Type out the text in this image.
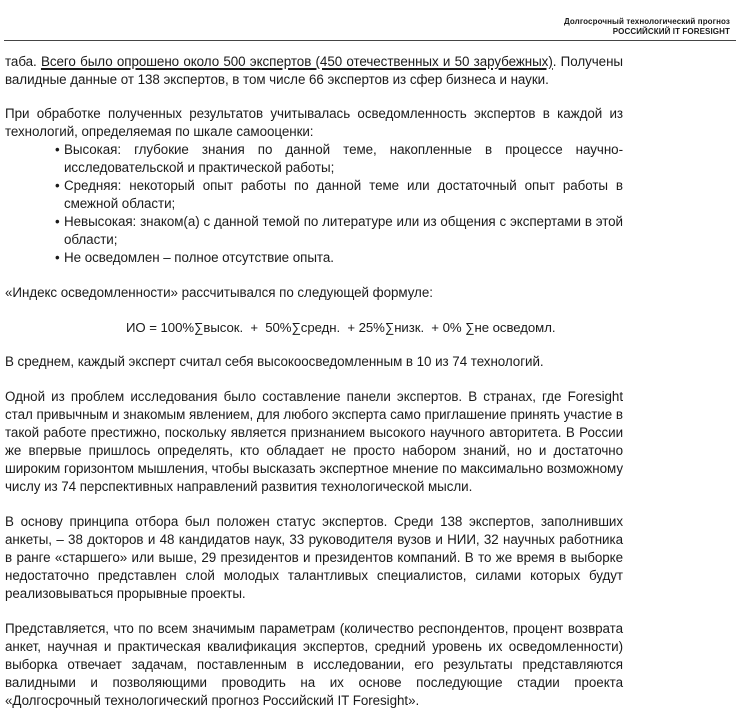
Долгосрочный технологический прогноз
РОССИЙСКИЙ IT FORESIGHT

таба. Всего было опрошено около 500 экспертов (450 отечественных и 50 зарубежных). Получены валидные данные от 138 экспертов, в том числе 66 экспертов из сфер бизнеса и науки.

При обработке полученных результатов учитывалась осведомленность экспертов в каждой из технологий, определяемая по шкале самооценки:

• Высокая: глубокие знания по данной теме, накопленные в процессе научно-исследовательской и практической работы;
• Средняя: некоторый опыт работы по данной теме или достаточный опыт работы в смежной области;
• Невысокая: знаком(а) с данной темой по литературе или из общения с экспертами в этой области;
• Не осведомлен – полное отсутствие опыта.

«Индекс осведомленности» рассчитывался по следующей формуле:

ИО = 100%∑высок.  +  50%∑средн.  + 25%∑низк.  + 0% ∑не осведомл.

В среднем, каждый эксперт считал себя высокоосведомленным в 10 из 74 технологий.

Одной из проблем исследования было составление панели экспертов. В странах, где Foresight стал привычным и знакомым явлением, для любого эксперта само приглашение принять участие в такой работе престижно, поскольку является признанием высокого научного авторитета. В России же впервые пришлось определять, кто обладает не просто набором знаний, но и достаточно широким горизонтом мышления, чтобы высказать экспертное мнение по максимально возможному числу из 74 перспективных направлений развития технологической мысли.

В основу принципа отбора был положен статус экспертов. Среди 138 экспертов, заполнивших анкеты, – 38 докторов и 48 кандидатов наук, 33 руководителя вузов и НИИ, 32 научных работника в ранге «старшего» или выше, 29 президентов и президентов компаний. В то же время в выборке недостаточно представлен слой молодых талантливых специалистов, силами которых будут реализовываться прорывные проекты.

Представляется, что по всем значимым параметрам (количество респондентов, процент возврата анкет, научная и практическая квалификация экспертов, средний уровень их осведомленности) выборка отвечает задачам, поставленным в исследовании, его результаты представляются валидными и позволяющими проводить на их основе последующие стадии проекта «Долгосрочный технологический прогноз Российский IT Foresight».
